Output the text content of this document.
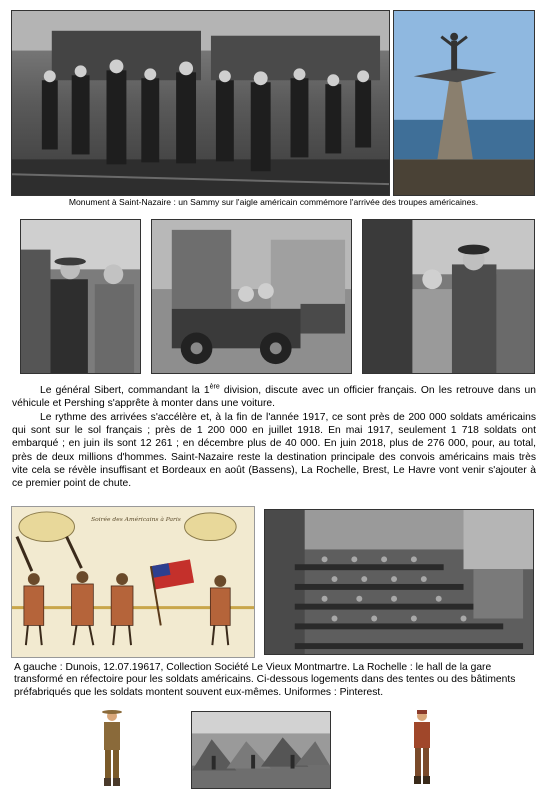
Monument à Saint-Nazaire : un Sammy sur l'aigle américain commémore l'arrivée des troupes américaines.

Le général Sibert, commandant la 1ère division, discute avec un officier français. On les retrouve dans un véhicule et Pershing s'apprête à monter dans une voiture.

Le rythme des arrivées s'accélère et, à la fin de l'année 1917, ce sont près de 200 000 soldats américains qui sont sur le sol français ; près de 1 200 000 en juillet 1918. En mai 1917, seulement 1 718 soldats ont embarqué ; en juin ils sont 12 261 ; en décembre plus de 40 000. En juin 2018, plus de 276 000, pour, au total, près de deux millions d'hommes. Saint-Nazaire reste la destination principale des convois américains mais très vite cela se révèle insuffisant et Bordeaux en août (Bassens), La Rochelle, Brest, Le Havre vont venir s'ajouter à ce premier point de chute.

Soirée des Américains à Paris
A gauche : Dunois, 12.07.19617, Collection Société Le Vieux Montmartre. La Rochelle : le hall de la gare transformé en réfectoire pour les soldats américains. Ci-dessous logements dans des tentes ou des bâtiments préfabriqués que les soldats montent souvent eux-mêmes. Uniformes : Pinterest.
